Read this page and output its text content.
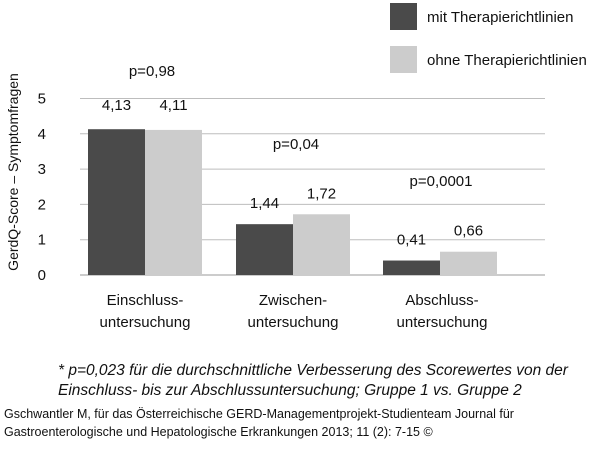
0
1
2
3
4
5	4,13
1,44
0,41
4,11
1,72
0,66
p=0,98
p=0,04
p=0,0001
Einschluss-
untersuchung
Zwischen-
untersuchung
Abschluss-
untersuchung
GerdQ-Score – Symptomfragen
mit Therapierichtlinien
ohne Therapierichtlinien
* p=0,023 für die durchschnittliche Verbesserung des Scorewertes von der
Einschluss- bis zur Abschlussuntersuchung; Gruppe 1 vs. Gruppe 2
Gschwantler M, für das Österreichische GERD-Managementprojekt-Studienteam Journal für
Gastroenterologische und Hepatologische Erkrankungen 2013; 11 (2): 7-15 ©
